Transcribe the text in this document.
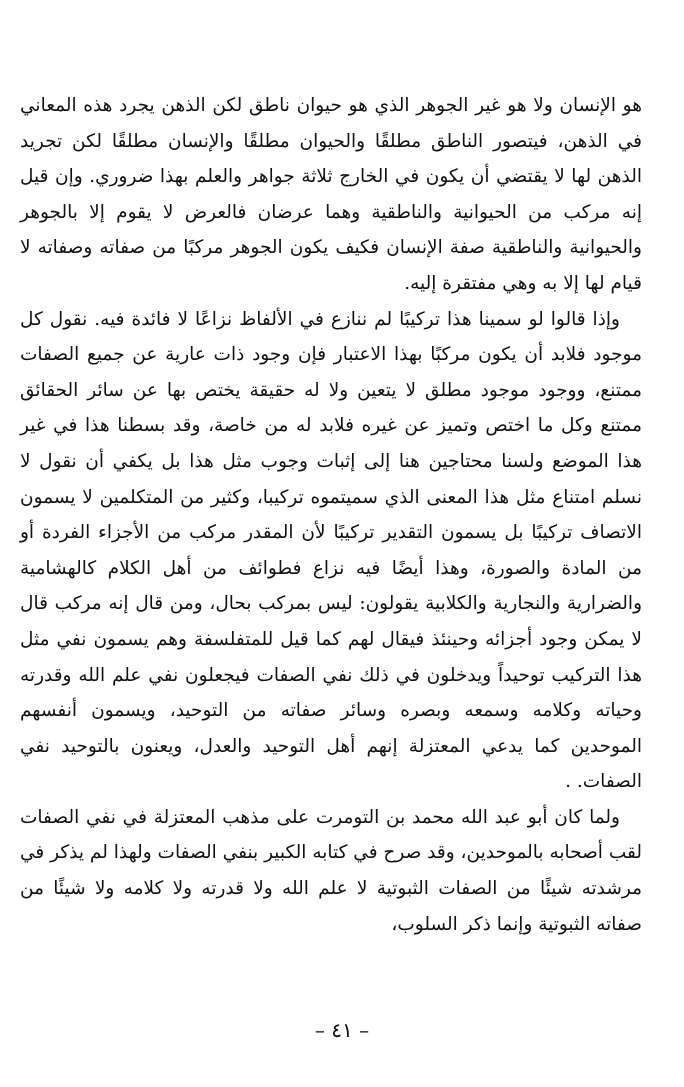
هو الإنسان ولا هو غير الجوهر الذي هو حيوان ناطق لكن الذهن يجرد هذه المعاني في الذهن، فيتصور الناطق مطلقًا والحيوان مطلقًا والإنسان مطلقًا لكن تجريد الذهن لها لا يقتضي أن يكون في الخارج ثلاثة جواهر والعلم بهذا ضروري. وإن قيل إنه مركب من الحيوانية والناطقية وهما عرضان فالعرض لا يقوم إلا بالجوهر والحيوانية والناطقية صفة الإنسان فكيف يكون الجوهر مركبًا من صفاته وصفاته لا قيام لها إلا به وهي مفتقرة إليه.

وإذا قالوا لو سمينا هذا تركيبًا لم ننازع في الألفاظ نزاعًا لا فائدة فيه. نقول كل موجود فلابد أن يكون مركبًا بهذا الاعتبار فإن وجود ذات عارية عن جميع الصفات ممتنع، ووجود موجود مطلق لا يتعين ولا له حقيقة يختص بها عن سائر الحقائق ممتنع وكل ما اختص وتميز عن غيره فلابد له من خاصة، وقد بسطنا هذا في غير هذا الموضع ولسنا محتاجين هنا إلى إثبات وجوب مثل هذا بل يكفي أن نقول لا نسلم امتناع مثل هذا المعنى الذي سميتموه تركيبا، وكثير من المتكلمين لا يسمون الاتصاف تركيبًا بل يسمون التقدير تركيبًا لأن المقدر مركب من الأجزاء الفردة أو من المادة والصورة، وهذا أيضًا فيه نزاع فطوائف من أهل الكلام كالهشامية والضرارية والنجارية والكلابية يقولون: ليس بمركب بحال، ومن قال إنه مركب قال لا يمكن وجود أجزائه وحينئذ فيقال لهم كما قيل للمتفلسفة وهم يسمون نفي مثل هذا التركيب توحيداً ويدخلون في ذلك نفي الصفات فيجعلون نفي علم الله وقدرته وحياته وكلامه وسمعه وبصره وسائر صفاته من التوحيد، ويسمون أنفسهم الموحدين كما يدعي المعتزلة إنهم أهل التوحيد والعدل، ويعنون بالتوحيد نفي الصفات. .

ولما كان أبو عبد الله محمد بن التومرت على مذهب المعتزلة في نفي الصفات لقب أصحابه بالموحدين، وقد صرح في كتابه الكبير بنفي الصفات ولهذا لم يذكر في مرشدته شيئًا من الصفات الثبوتية لا علم الله ولا قدرته ولا كلامه ولا شيئًا من صفاته الثبوتية وإنما ذكر السلوب،

– ٤١ –
